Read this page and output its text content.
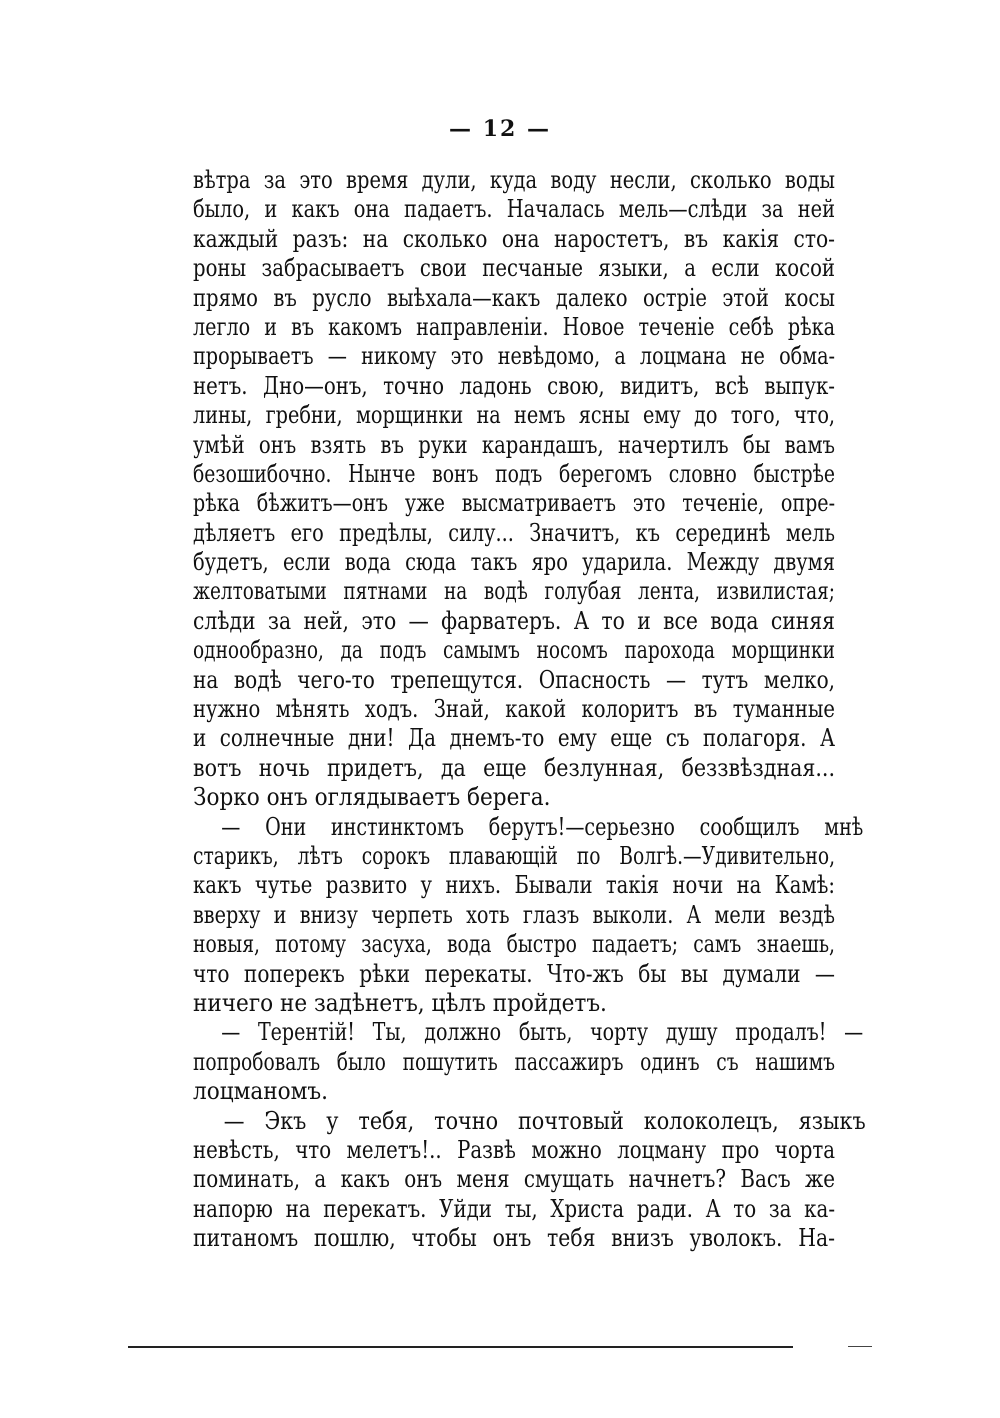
— 12 —
вѣтра за это время дули, куда воду несли, сколько воды
было, и какъ она падаетъ. Началась мель—слѣди за ней
каждый разъ: на сколько она наростетъ, въ какія сто-
роны забрасываетъ свои песчаные языки, а если косой
прямо въ русло выѣхала—какъ далеко остріе этой косы
легло и въ какомъ направленіи. Новое теченіе себѣ рѣка
прорываетъ — никому это невѣдомо, а лоцмана не обма-
нетъ. Дно—онъ, точно ладонь свою, видитъ, всѣ выпук-
лины, гребни, морщинки на немъ ясны ему до того, что,
умѣй онъ взять въ руки карандашъ, начертилъ бы вамъ
безошибочно. Нынче вонъ подъ берегомъ словно быстрѣе
рѣка бѣжитъ—онъ уже высматриваетъ это теченіе, опре-
дѣляетъ его предѣлы, силу... Значитъ, къ серединѣ мель
будетъ, если вода сюда такъ яро ударила. Между двумя
желтоватыми пятнами на водѣ голубая лента, извилистая;
слѣди за ней, это — фарватеръ. А то и все вода синяя
однообразно, да подъ самымъ носомъ парохода морщинки
на водѣ чего-то трепещутся. Опасность — тутъ мелко,
нужно мѣнять ходъ. Знай, какой колоритъ въ туманные
и солнечные дни! Да днемъ-то ему еще съ полагоря. А
вотъ ночь придетъ, да еще безлунная, беззвѣздная...
Зорко онъ оглядываетъ берега.
— Они инстинктомъ берутъ!—серьезно сообщилъ мнѣ
старикъ, лѣтъ сорокъ плавающій по Волгѣ.—Удивительно,
какъ чутье развито у нихъ. Бывали такія ночи на Камѣ:
вверху и внизу черпеть хоть глазъ выколи. А мели вездѣ
новыя, потому засуха, вода быстро падаетъ; самъ знаешь,
что поперекъ рѣки перекаты. Что-жъ бы вы думали —
ничего не задѣнетъ, цѣлъ пройдетъ.
— Терентій! Ты, должно быть, чорту душу продалъ! —
попробовалъ было пошутить пассажиръ одинъ съ нашимъ
лоцманомъ.
— Экъ у тебя, точно почтовый колоколецъ, языкъ
невѣсть, что мелетъ!.. Развѣ можно лоцману про чорта
поминать, а какъ онъ меня смущать начнетъ? Васъ же
напорю на перекатъ. Уйди ты, Христа ради. А то за ка-
питаномъ пошлю, чтобы онъ тебя внизъ уволокъ. На-
